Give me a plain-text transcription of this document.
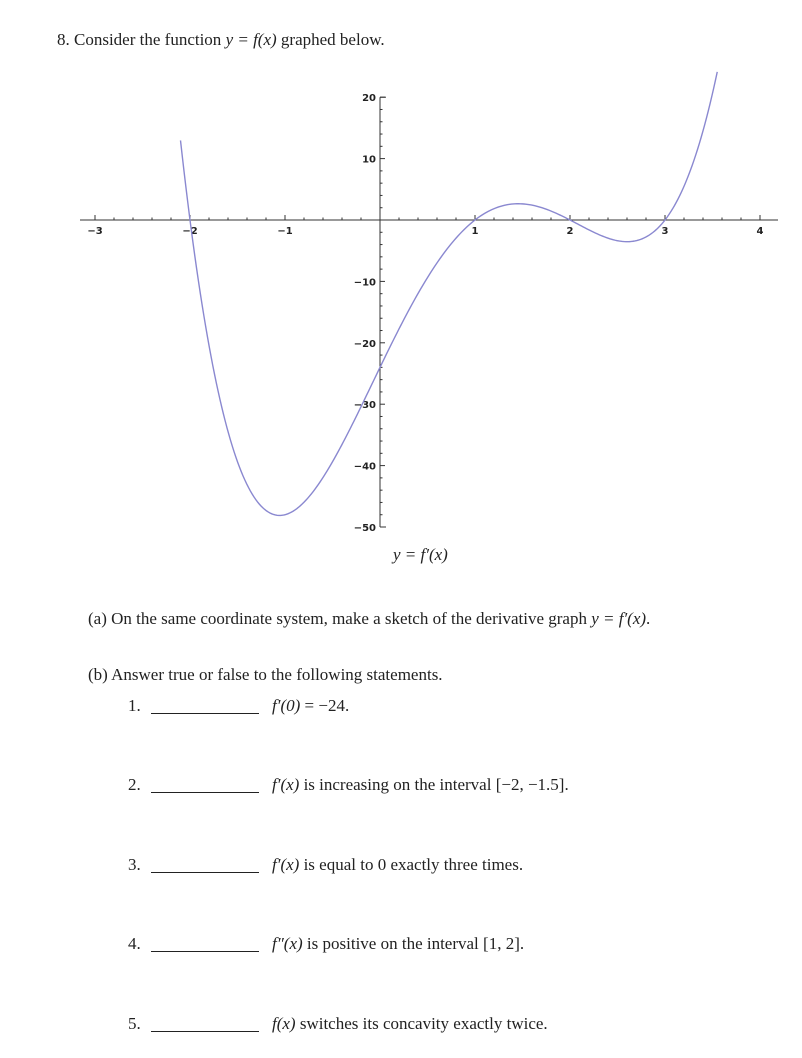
8. Consider the function y = f(x) graphed below.
−3	−2	−1	1	2	3	4
20
10
−10
−20
−30
−40
−50
y = f′(x)
(a) On the same coordinate system, make a sketch of the derivative graph y = f′(x).
(b) Answer true or false to the following statements.
1.	f′(0) = −24.
2.	f′(x) is increasing on the interval [−2, −1.5].
3.	f′(x) is equal to 0 exactly three times.
4.	f″(x) is positive on the interval [1, 2].
5.	f(x) switches its concavity exactly twice.
